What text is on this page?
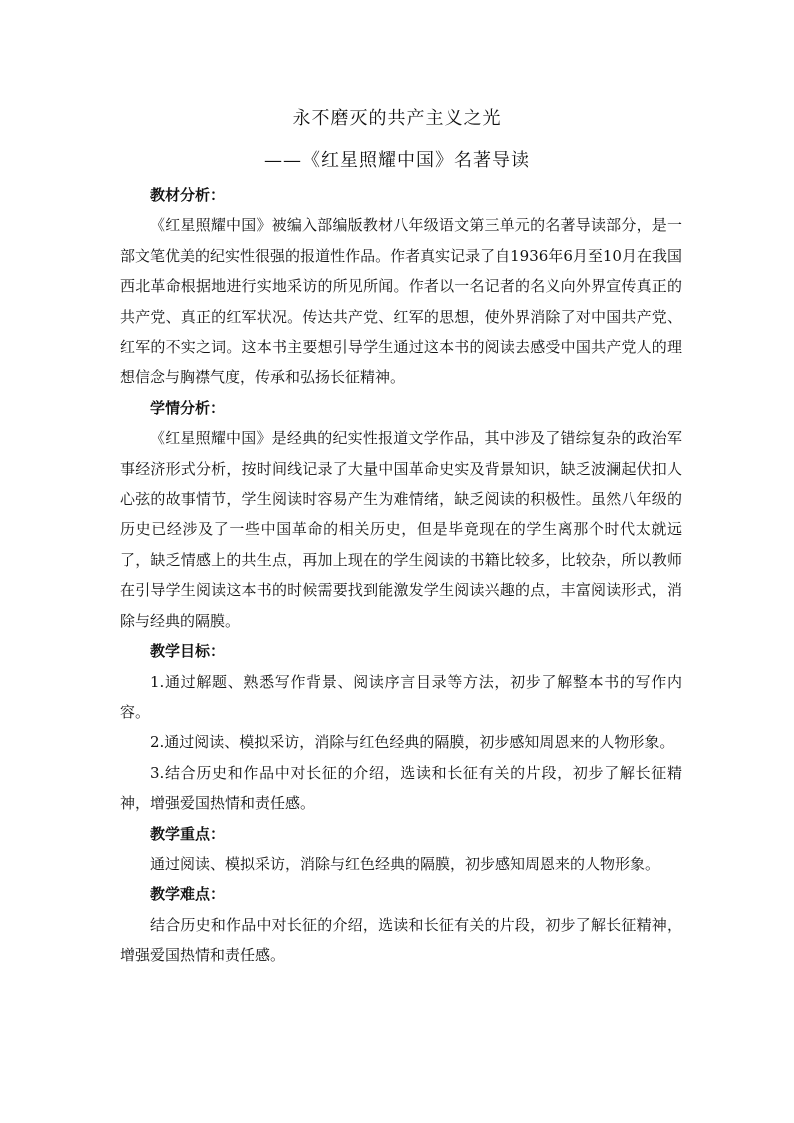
永不磨灭的共产主义之光
——《红星照耀中国》名著导读

教材分析：

《红星照耀中国》被编入部编版教材八年级语文第三单元的名著导读部分，是一部文笔优美的纪实性很强的报道性作品。作者真实记录了自1936年6月至10月在我国西北革命根据地进行实地采访的所见所闻。作者以一名记者的名义向外界宣传真正的共产党、真正的红军状况。传达共产党、红军的思想，使外界消除了对中国共产党、红军的不实之词。这本书主要想引导学生通过这本书的阅读去感受中国共产党人的理想信念与胸襟气度，传承和弘扬长征精神。

学情分析：

《红星照耀中国》是经典的纪实性报道文学作品，其中涉及了错综复杂的政治军事经济形式分析，按时间线记录了大量中国革命史实及背景知识，缺乏波澜起伏扣人心弦的故事情节，学生阅读时容易产生为难情绪，缺乏阅读的积极性。虽然八年级的历史已经涉及了一些中国革命的相关历史，但是毕竟现在的学生离那个时代太就远了，缺乏情感上的共生点，再加上现在的学生阅读的书籍比较多，比较杂，所以教师在引导学生阅读这本书的时候需要找到能激发学生阅读兴趣的点，丰富阅读形式，消除与经典的隔膜。

教学目标：

1.通过解题、熟悉写作背景、阅读序言目录等方法，初步了解整本书的写作内容。

2.通过阅读、模拟采访，消除与红色经典的隔膜，初步感知周恩来的人物形象。

3.结合历史和作品中对长征的介绍，选读和长征有关的片段，初步了解长征精神，增强爱国热情和责任感。

教学重点：

通过阅读、模拟采访，消除与红色经典的隔膜，初步感知周恩来的人物形象。

教学难点：

结合历史和作品中对长征的介绍，选读和长征有关的片段，初步了解长征精神，增强爱国热情和责任感。
